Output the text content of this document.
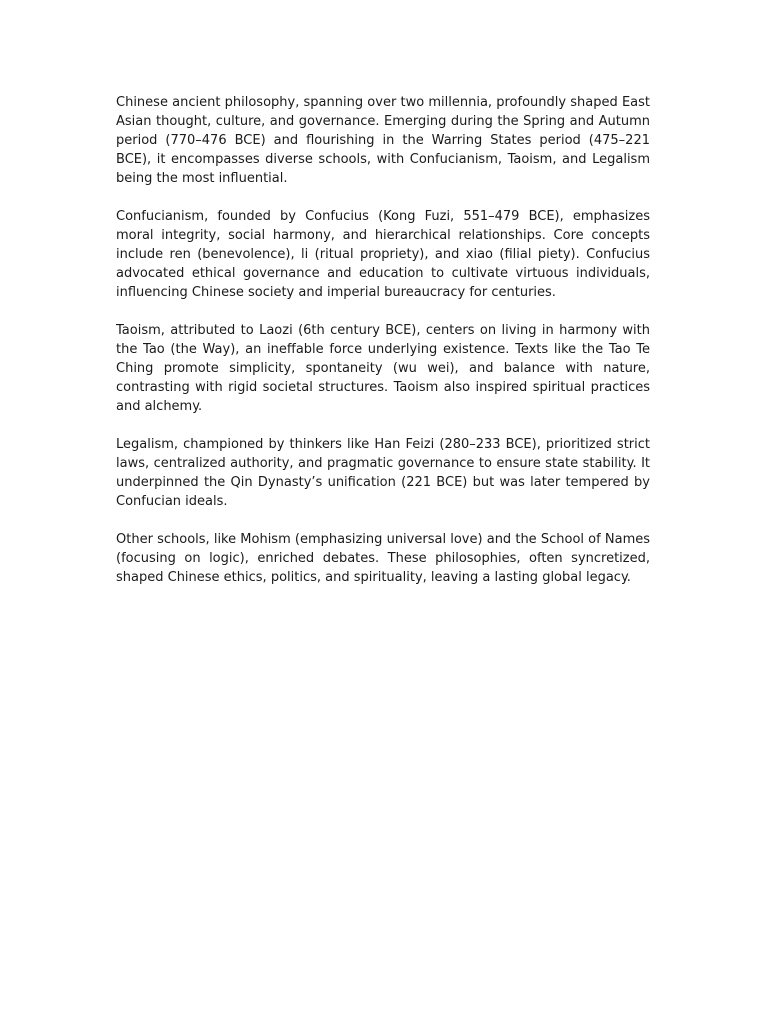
Chinese ancient philosophy, spanning over two millennia, profoundly shaped East Asian thought, culture, and governance. Emerging during the Spring and Autumn period (770–476 BCE) and flourishing in the Warring States period (475–221 BCE), it encompasses diverse schools, with Confucianism, Taoism, and Legalism being the most influential.

Confucianism, founded by Confucius (Kong Fuzi, 551–479 BCE), emphasizes moral integrity, social harmony, and hierarchical relationships. Core concepts include ren (benevolence), li (ritual propriety), and xiao (filial piety). Confucius advocated ethical governance and education to cultivate virtuous individuals, influencing Chinese society and imperial bureaucracy for centuries.

Taoism, attributed to Laozi (6th century BCE), centers on living in harmony with the Tao (the Way), an ineffable force underlying existence. Texts like the Tao Te Ching promote simplicity, spontaneity (wu wei), and balance with nature, contrasting with rigid societal structures. Taoism also inspired spiritual practices and alchemy.

Legalism, championed by thinkers like Han Feizi (280–233 BCE), prioritized strict laws, centralized authority, and pragmatic governance to ensure state stability. It underpinned the Qin Dynasty’s unification (221 BCE) but was later tempered by Confucian ideals.

Other schools, like Mohism (emphasizing universal love) and the School of Names (focusing on logic), enriched debates. These philosophies, often syncretized, shaped Chinese ethics, politics, and spirituality, leaving a lasting global legacy.
